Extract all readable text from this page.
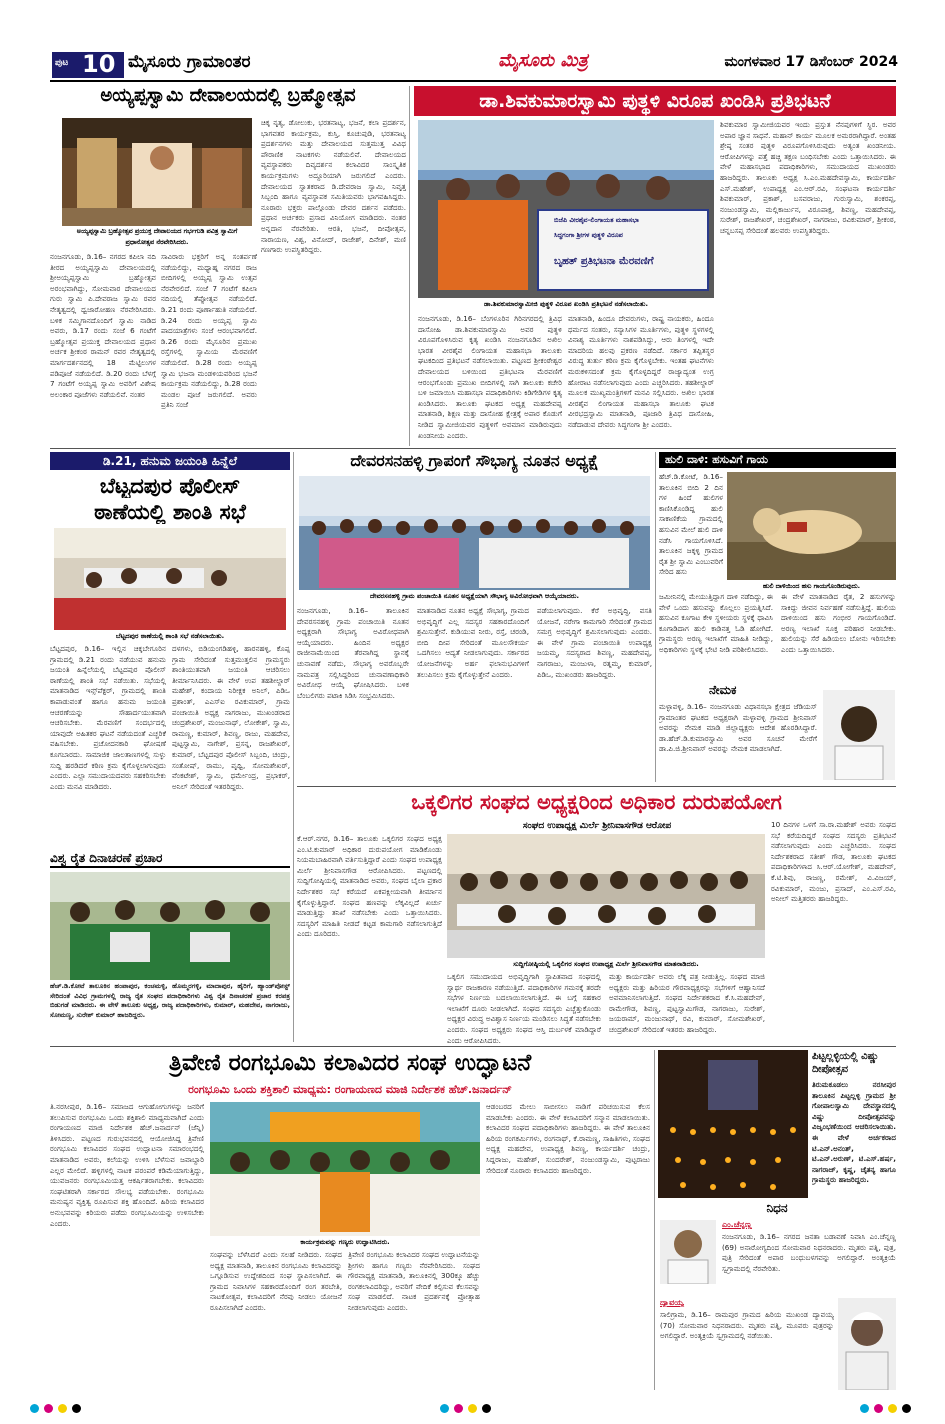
ಪುಟ 10 ಮೈಸೂರು ಗ್ರಾಮಾಂತರ	ಮೈಸೂರು ಮಿತ್ರ	ಮಂಗಳವಾರ 17 ಡಿಸೆಂಬರ್ 2024
ಅಯ್ಯಪ್ಪಸ್ವಾಮಿ ದೇವಾಲಯದಲ್ಲಿ ಬ್ರಹ್ಮೋತ್ಸವ
ಅಯ್ಯಪ್ಪಸ್ವಾಮಿ ಬ್ರಹ್ಮೋತ್ಸವ ಪ್ರಯುಕ್ತ ದೇವಾಲಯದ ಗರ್ಭಗುಡಿ ಪವಿತ್ರ ಸ್ವಾಮಿಗೆ ಪ್ರಧಾನೋತ್ಸವ ನೆರವೇರಿಸಿದರು.
ನಂಜನಗೂಡು, ಡಿ.16– ನಗರದ ಕಪಿಲಾ ನದಿ ತೀರದ ಅಯ್ಯಪ್ಪಸ್ವಾಮಿ ದೇವಾಲಯದಲ್ಲಿ ಶ್ರೀಅಯ್ಯಪ್ಪಸ್ವಾಮಿ ಬ್ರಹ್ಮೋತ್ಸವ ಅರಂಭವಾಗಿದ್ದು, ಸೋಮವಾರ ದೇವಾಲಯದ ಗುರು ಸ್ವಾಮಿ ಪಿ.ದೇವರಾಜ ಸ್ವಾಮಿ ರವರ ನೇತೃತ್ವದಲ್ಲಿ ಧ್ವಜಾರೋಹಣ ನೆರವೇರಿಸಿದರು. ಬಳಿಕ ಸಮ್ಮಿಗಾನದೊಂದಿಗೆ ಸ್ವಾಮಿ ನಾಡಿದ ಅವರು, ಡಿ.17 ರಂದು ಸಂಜೆ 6 ಗಂಟೆಗೆ ಬ್ರಹ್ಮೋತ್ಸವ ಪ್ರಯುಕ್ತ ದೇವಾಲಯದ ಪ್ರಧಾನ ಅರ್ಚಕ ಶ್ರೀಕಂಠ ರಾಮನ್ ರವರ ನೇತೃತ್ವದಲ್ಲಿ ಮಾರ್ಗದರ್ಶನದಲ್ಲಿ 18 ಮೆಟ್ಟಿಲುಗಳ ಪಡಿಪೂಜೆ ನಡೆಯಲಿದೆ. ಡಿ.20 ರಂದು ಬೆಳಗ್ಗೆ 7 ಗಂಟೆಗೆ ಅಯ್ಯಪ್ಪ ಸ್ವಾಮಿ ಅವರಿಗೆ ವಿಶೇಷ ಅಲಂಕಾರ ಪೂಜೆಗಳು ನಡೆಯಲಿವೆ. ನಂತರ
ಸಾವಿರಾರು ಭಕ್ತರಿಗೆ ಅನ್ನ ಸಂತರ್ಪಣೆ ನಡೆಯಲಿದ್ದು, ಮಧ್ಯಾಹ್ನ ನಗರದ ರಾಜ ಬೀದಿಗಳಲ್ಲಿ ಅಯ್ಯಪ್ಪ ಸ್ವಾಮಿ ಉತ್ಸವ ನೆರವೇರಲಿದೆ. ಸಂಜೆ 7 ಗಂಟೆಗೆ ಕಪಿಲಾ ನದಿಯಲ್ಲಿ ತೆಪ್ಪೋತ್ಸವ ನಡೆಯಲಿದೆ. ಡಿ.21 ರಂದು ಪೂರ್ಣಾಹುತಿ ನಡೆಯಲಿದೆ. ಡಿ.24 ರಂದು ಅಯ್ಯಪ್ಪ ಸ್ವಾಮಿ ಪಾದಯಾತ್ರೆಗಳು ಸಂಜೆ ಆರಂಭವಾಗಲಿದೆ. ಡಿ.26 ರಂದು ಮೈಸೂರಿನ ಪ್ರಮುಖ ರಸ್ತೆಗಳಲ್ಲಿ ಸ್ವಾಮಿಯ ಮೆರವಣಿಗೆ ನಡೆಯಲಿದೆ. ಡಿ.28 ರಂದು ಅಯ್ಯಪ್ಪ ಸ್ವಾಮಿ ಭಜನಾ ಮಂಡಳಿಯವರಿಂದ ಭಜನೆ ಕಾರ್ಯಕ್ರಮ ನಡೆಯಲಿದ್ದು, ಡಿ.28 ರಂದು ಮಂಡಲ ಪೂಜೆ ಜರುಗಲಿದೆ. ಅವರು ಪ್ರತಿನಿ ಸಂಜೆ
ಚಿಕ್ಕ ನೃತ್ಯ, ಡೋಲುಕು, ಭರತನಾಟ್ಯ, ಭಜನೆ, ಕಲಾ ಪ್ರದರ್ಶನ, ಭಾಗವತರ ಕಾರ್ಯಕ್ರಮ, ಕುಸ್ತಿ, ಕೂಚುಪುಡಿ, ಭರತನಾಟ್ಯ ಪ್ರದರ್ಶನಗಳು ಮತ್ತು ದೇವಾಲಯದ ಸುತ್ತಮುತ್ತ ವಿವಿಧ ಪೌರಾಣಿಕ ನಾಟಕಗಳು ನಡೆಯಲಿವೆ. ದೇವಾಲಯದ ವ್ಯವಸ್ಥಾಪಕರು ದಿವ್ಯದರ್ಶನ ಕಲಾವಿದರ ಸಾಂಸ್ಕೃತಿಕ ಕಾರ್ಯಕ್ರಮಗಳು ಅದ್ದೂರಿಯಾಗಿ ಜರುಗಲಿದೆ ಎಂದರು. ದೇವಾಲಯದ ಸ್ವಾತಕರಾದ ಡಿ.ದೇವರಾಜ ಸ್ವಾಮಿ, ನಿವೃತ್ತ ಸಿಬ್ಬಂದಿ ಹಾಗೂ ವ್ಯವಸ್ಥಾಪಕ ಸಮಿತಿಯವರು ಭಾಗವಹಿಸಿದ್ದರು. ನೂರಾರು ಭಕ್ತರು ಪಾಲ್ಗೊಂಡು ದೇವರ ದರ್ಶನ ಪಡೆದರು. ಪ್ರಧಾನ ಅರ್ಚಕರು ಪ್ರಸಾದ ವಿನಿಯೋಗ ಮಾಡಿದರು. ನಂತರ ಅನ್ನದಾನ ನೆರವೇರಿತು. ಆರತಿ, ಭಜನೆ, ದೀಪೋತ್ಸವ, ನಾರಾಯಣ, ವಿಶ್ವ, ವಿನೋದ್, ರಾಜೇಶ್, ದಿನೇಶ್, ಮಣಿ ಗಣಗಾರು ಉಪಸ್ಥಿತರಿದ್ದರು.
ಡಾ.ಶಿವಕುಮಾರಸ್ವಾಮಿ ಪುತ್ಥಳಿ ವಿರೂಪ ಖಂಡಿಸಿ ಪ್ರತಿಭಟನೆ
ಬಿಜೆಪಿ ವೀರಶೈವ-ಲಿಂಗಾಯತ ಮಹಾಸಭಾ
ಸಿದ್ಧಗಂಗಾ ಶ್ರೀಗಳ ಪುತ್ಥಳಿ ವಿರೂಪ
ಬೃಹತ್ ಪ್ರತಿಭಟನಾ ಮೆರವಣಿಗೆ
ಡಾ.ಶಿವಕುಮಾರಸ್ವಾಮೀಜಿ ಪುತ್ಥಳಿ ವಿರೂಪ ಖಂಡಿಸಿ ಪ್ರತಿಭಟನೆ ನಡೆಸಲಾಯಿತು.
ನಂಜನಗೂಡು, ಡಿ.16– ಬೆಂಗಳೂರಿನ ಗಿರಿನಗರದಲ್ಲಿ ತ್ರಿವಿಧ ದಾಸೋಹಿ ಡಾ.ಶಿವಕುಮಾರಸ್ವಾಮಿ ಅವರ ಪುತ್ಥಳಿ ವಿರೂಪಗೊಳಿಸಿರುವ ಕೃತ್ಯ ಖಂಡಿಸಿ ನಂಜನಗೂಡಿನ ಅಖಿಲ ಭಾರತ ವೀರಶೈವ ಲಿಂಗಾಯತ ಮಹಾಸಭಾ ತಾಲೂಕು ಘಟಕದಿಂದ ಪ್ರತಿಭಟನೆ ನಡೆಸಲಾಯಿತು. ಪಟ್ಟಣದ ಶ್ರೀಕಂಠೇಶ್ವರ ದೇವಾಲಯದ ಬಳಿಯಿಂದ ಪ್ರತಿಭಟನಾ ಮೆರವಣಿಗೆ ಆರಂಭಗೊಂಡು ಪ್ರಮುಖ ಬೀದಿಗಳಲ್ಲಿ ಸಾಗಿ ತಾಲೂಕು ಕಚೇರಿ ಬಳಿ ಜಮಾಯಿಸಿ ಮಹಾಸಭಾ ಪದಾಧಿಕಾರಿಗಳು ಕಿಡಿಗೇಡಿಗಳ ಕೃತ್ಯ ಖಂಡಿಸಿದರು. ತಾಲೂಕು ಘಟಕದ ಅಧ್ಯಕ್ಷ ಮಹದೇವಪ್ಪ ಮಾತನಾಡಿ, ಶಿಕ್ಷಣ ಮತ್ತು ದಾಸೋಹ ಕ್ಷೇತ್ರಕ್ಕೆ ಅಪಾರ ಕೊಡುಗೆ ನೀಡಿದ ಸ್ವಾಮೀಜಿಯವರ ಪುತ್ಥಳಿಗೆ ಅವಮಾನ ಮಾಡಿರುವುದು ಖಂಡನೀಯ ಎಂದರು.
ಮಾತನಾಡಿ, ಹಿಂದೂ ದೇವರುಗಳು, ರಾಷ್ಟ್ರ ನಾಯಕರು, ಹಿಂದೂ ಧರ್ಮದ ಸಂತರು, ಸನ್ಯಾಸಿಗಳ ಮೂರ್ತಿಗಳು, ಪುತ್ಥಳಿ ಸ್ಥಳಗಳಲ್ಲಿ ವಿನಾಶ್ಯ ಮೂರ್ತಿಗಳು ನಾಶಪಡಿಸಿದ್ದು, ಆರು ತಿಂಗಳಲ್ಲಿ ಇದೇ ಮಾದರಿಯ ಹಲವು ಪ್ರಕರಣ ನಡೆದಿದೆ. ಸರ್ಕಾರ ತಪ್ಪಿತಸ್ಥರ ವಿರುದ್ಧ ತುರ್ತು ಕಠಿಣ ಕ್ರಮ ಕೈಗೊಳ್ಳಬೇಕು. ಇಂತಹ ಘಟನೆಗಳು ಮರುಕಳಿಸದಂತೆ ಕ್ರಮ ಕೈಗೊಳ್ಳದಿದ್ದರೆ ರಾಜ್ಯಾದ್ಯಂತ ಉಗ್ರ ಹೋರಾಟ ನಡೆಸಲಾಗುವುದು ಎಂದು ಎಚ್ಚರಿಸಿದರು. ತಹಶೀಲ್ದಾರ್ ಮೂಲಕ ಮುಖ್ಯಮಂತ್ರಿಗಳಿಗೆ ಮನವಿ ಸಲ್ಲಿಸಿದರು. ಅಖಿಲ ಭಾರತ ವೀರಶೈವ ಲಿಂಗಾಯತ ಮಹಾಸಭಾ ತಾಲೂಕು ಘಟಕ ವೀರಭದ್ರಸ್ವಾಮಿ ಮಾತನಾಡಿ, ಪೂಜಾರಿ ತ್ರಿವಿಧ ದಾಸೋಹಿ, ನಡೆದಾಡುವ ದೇವರು ಸಿದ್ಧಗಂಗಾ ಶ್ರೀ ಎಂದರು.
ಶಿವಕುಮಾರ ಸ್ವಾಮೀಜಿಯವರ ಇಂದು ಪ್ರಸ್ತುತ ನೆನಪುಗಳಿಗೆ ಸ್ಥಿರ. ಅವರ ಅಪಾರ ಜ್ಞಾನ ಸಾಧನೆ. ಮಹಾನ್ ಕಾರ್ಯ ಮೂಲಕ ಅಮರರಾಗಿದ್ದಾರೆ. ಅಂತಹ ಶ್ರೇಷ್ಠ ಸಂತರ ಪುತ್ಥಳಿ ವಿರೂಪಗೊಳಿಸಿರುವುದು ಅತ್ಯಂತ ಖಂಡನೀಯ. ಆರೋಪಿಗಳನ್ನು ಪತ್ತೆ ಹಚ್ಚಿ ತಕ್ಷಣ ಬಂಧಿಸಬೇಕು ಎಂದು ಒತ್ತಾಯಿಸಿದರು. ಈ ವೇಳೆ ಮಹಾಸಭಾದ ಪದಾಧಿಕಾರಿಗಳು, ಸಮುದಾಯದ ಮುಖಂಡರು ಹಾಜರಿದ್ದರು. ತಾಲೂಕು ಅಧ್ಯಕ್ಷ ಸಿ.ಎಂ.ಮಹದೇವಸ್ವಾಮಿ, ಕಾರ್ಯದರ್ಶಿ ಎಸ್.ಮಹೇಶ್, ಉಪಾಧ್ಯಕ್ಷ ಎಂ.ಆರ್.ರವಿ, ಸಂಘಟನಾ ಕಾರ್ಯದರ್ಶಿ ಶಿವಕುಮಾರ್, ಪ್ರಕಾಶ್, ಬಸವರಾಜು, ಗುರುಸ್ವಾಮಿ, ಶಂಕರಪ್ಪ, ನಂಜುಂಡಸ್ವಾಮಿ, ಮಲ್ಲಿಕಾರ್ಜುನ, ವಿರೂಪಾಕ್ಷ, ಶಿವಣ್ಣ, ಮಹದೇವಪ್ಪ, ಸುರೇಶ್, ರಾಜಶೇಖರ್, ಚಂದ್ರಶೇಖರ್, ನಾಗರಾಜು, ರವಿಕುಮಾರ್, ಶ್ರೀಕಂಠ, ಚನ್ನಬಸಪ್ಪ ಸೇರಿದಂತೆ ಹಲವರು ಉಪಸ್ಥಿತರಿದ್ದರು.
ಡಿ.21, ಹನುಮ ಜಯಂತಿ ಹಿನ್ನೆಲೆ
ಬೆಟ್ಟದಪುರ ಪೊಲೀಸ್
ಠಾಣೆಯಲ್ಲಿ ಶಾಂತಿ ಸಭೆ
ಬೆಟ್ಟದಪುರ ಠಾಣೆಯಲ್ಲಿ ಶಾಂತಿ ಸಭೆ ನಡೆಸಲಾಯಿತು.
ಬೆಟ್ಟದಪುರ, ಡಿ.16– ಇಲ್ಲಿನ ಚಿಕ್ಕಬೇಗೂರಿನ ಗ್ರಾಮದಲ್ಲಿ ಡಿ.21 ರಂದು ನಡೆಯುವ ಹನುಮ ಜಯಂತಿ ಹಿನ್ನೆಲೆಯಲ್ಲಿ ಬೆಟ್ಟದಪುರ ಪೊಲೀಸ್ ಠಾಣೆಯಲ್ಲಿ ಶಾಂತಿ ಸಭೆ ನಡೆಯಿತು. ಸಭೆಯಲ್ಲಿ ಮಾತನಾಡಿದ ಇನ್ಸ್‌ಪೆಕ್ಟರ್, ಗ್ರಾಮದಲ್ಲಿ ಶಾಂತಿ ಕಾಪಾಡುವಂತೆ ಹಾಗೂ ಹನುಮ ಜಯಂತಿ ಆಚರಣೆಯನ್ನು ಸೌಹಾರ್ದಯುತವಾಗಿ ಆಚರಿಸಬೇಕು. ಮೆರವಣಿಗೆ ಸಂದರ್ಭದಲ್ಲಿ ಯಾವುದೇ ಅಹಿತಕರ ಘಟನೆ ನಡೆಯದಂತೆ ಎಚ್ಚರಿಕೆ ವಹಿಸಬೇಕು. ಪ್ರಚೋದನಕಾರಿ ಘೋಷಣೆ ಕೂಗಬಾರದು. ಸಾಮಾಜಿಕ ಜಾಲತಾಣಗಳಲ್ಲಿ ಸುಳ್ಳು ಸುದ್ದಿ ಹರಡಿದರೆ ಕಠಿಣ ಕ್ರಮ ಕೈಗೊಳ್ಳಲಾಗುವುದು ಎಂದರು. ಎಲ್ಲಾ ಸಮುದಾಯದವರು ಸಹಕರಿಸಬೇಕು ಎಂದು ಮನವಿ ಮಾಡಿದರು.
ದಳಗಳು, ಬಿಡಿಯಂಗಡಿಹಳ್ಳಿ, ಹಾರನಹಳ್ಳಿ, ಕೊಪ್ಪ ಗ್ರಾಮ ಸೇರಿದಂತೆ ಸುತ್ತಮುತ್ತಲಿನ ಗ್ರಾಮಸ್ಥರು ಶಾಂತಿಯುತವಾಗಿ ಜಯಂತಿ ಆಚರಿಸಲು ತೀರ್ಮಾನಿಸಿದರು. ಈ ವೇಳೆ ಉಪ ತಹಶೀಲ್ದಾರ್ ಮಹೇಶ್, ಕಂದಾಯ ನಿರೀಕ್ಷಕ ಅನಿಲ್, ಪಿಡಿಒ ಪ್ರಶಾಂತ್, ಎಎಸ್‌ಐ ರವಿಕುಮಾರ್, ಗ್ರಾಮ ಪಂಚಾಯಿತಿ ಅಧ್ಯಕ್ಷ ನಾಗರಾಜು, ಮುಖಂಡರಾದ ಚಂದ್ರಶೇಖರ್, ಮಂಜುನಾಥ್, ಲೋಕೇಶ್, ಸ್ವಾಮಿ, ರಾಮಣ್ಣ, ಕುಮಾರ್, ಶಿವಣ್ಣ, ರಾಜು, ಮಹದೇವ, ಪುಟ್ಟಸ್ವಾಮಿ, ನಾಗೇಶ್, ಪ್ರಸನ್ನ, ರಾಜಶೇಖರ್, ಕುಮಾರ್, ಬೆಟ್ಟದಪುರ ಪೊಲೀಸ್ ಸಿಬ್ಬಂದಿ, ಚಂದ್ರು, ಸಂತೋಷ್, ರಾಮು, ಪೃಥ್ವಿ, ಸೋಮಶೇಖರ್, ವೆಂಕಟೇಶ್, ಸ್ವಾಮಿ, ಧರ್ಮೇಂದ್ರ, ಪ್ರಭಾಕರ್, ಅನಿಲ್ ಸೇರಿದಂತೆ ಇತರರಿದ್ದರು.
ವಿಶ್ವ ರೈತ ದಿನಾಚರಣೆ ಪ್ರಚಾರ
ಹೆಚ್.ಡಿ.ಕೋಟೆ ತಾಲೂಕಿನ ಹಂಪಾಪುರ, ಕಂಚಮಳ್ಳಿ, ಹೊಮ್ಮರಗಳ್ಳಿ, ಮಾದಾಪುರ, ಹೈರಿಗೆ, ಹ್ಯಾಂಡ್‌ಪೋಸ್ಟ್ ಸೇರಿದಂತೆ ವಿವಿಧ ಗ್ರಾಮಗಳಲ್ಲಿ ರಾಜ್ಯ ರೈತ ಸಂಘದ ಪದಾಧಿಕಾರಿಗಳು ವಿಶ್ವ ರೈತ ದಿನಾಚರಣೆ ಪ್ರಚಾರ ಕರಪತ್ರ ಬಿಡುಗಡೆ ಮಾಡಿದರು. ಈ ವೇಳೆ ತಾಲೂಕು ಅಧ್ಯಕ್ಷ, ರಾಜ್ಯ ಪದಾಧಿಕಾರಿಗಳು, ಕುಮಾರ್, ಮಹದೇವ, ನಾಗರಾಜು, ಸೋಮಣ್ಣ, ಸುರೇಶ್ ಕುಮಾರ್ ಹಾಜರಿದ್ದರು.
ದೇವರಸನಹಳ್ಳಿ ಗ್ರಾಪಂಗೆ ಸೌಭಾಗ್ಯ ನೂತನ ಅಧ್ಯಕ್ಷೆ
ದೇವರಸನಹಳ್ಳಿ ಗ್ರಾಮ ಪಂಚಾಯಿತಿ ನೂತನ ಅಧ್ಯಕ್ಷೆಯಾಗಿ ಸೌಭಾಗ್ಯ ಅವಿರೋಧವಾಗಿ ಆಯ್ಕೆಯಾದರು.
ನಂಜನಗೂಡು, ಡಿ.16– ತಾಲೂಕಿನ ದೇವರಸನಹಳ್ಳಿ ಗ್ರಾಮ ಪಂಚಾಯಿತಿ ನೂತನ ಅಧ್ಯಕ್ಷರಾಗಿ ಸೌಭಾಗ್ಯ ಅವಿರೋಧವಾಗಿ ಆಯ್ಕೆಯಾದರು. ಹಿಂದಿನ ಅಧ್ಯಕ್ಷರ ರಾಜೀನಾಮೆಯಿಂದ ತೆರವಾಗಿದ್ದ ಸ್ಥಾನಕ್ಕೆ ಚುನಾವಣೆ ನಡೆದು, ಸೌಭಾಗ್ಯ ಅವರೊಬ್ಬರೇ ನಾಮಪತ್ರ ಸಲ್ಲಿಸಿದ್ದರಿಂದ ಚುನಾವಣಾಧಿಕಾರಿ ಅವಿರೋಧ ಆಯ್ಕೆ ಘೋಷಿಸಿದರು. ಬಳಿಕ ಬೆಂಬಲಿಗರು ಪಟಾಕಿ ಸಿಡಿಸಿ ಸಂಭ್ರಮಿಸಿದರು.
ಮಾತನಾಡಿದ ನೂತನ ಅಧ್ಯಕ್ಷೆ ಸೌಭಾಗ್ಯ, ಗ್ರಾಮದ ಅಭಿವೃದ್ಧಿಗೆ ಎಲ್ಲ ಸದಸ್ಯರ ಸಹಕಾರದೊಂದಿಗೆ ಶ್ರಮಿಸುತ್ತೇನೆ. ಕುಡಿಯುವ ನೀರು, ರಸ್ತೆ, ಚರಂಡಿ, ಬೀದಿ ದೀಪ ಸೇರಿದಂತೆ ಮೂಲಸೌಕರ್ಯ ಒದಗಿಸಲು ಆದ್ಯತೆ ನೀಡಲಾಗುವುದು. ಸರ್ಕಾರದ ಯೋಜನೆಗಳನ್ನು ಅರ್ಹ ಫಲಾನುಭವಿಗಳಿಗೆ ತಲುಪಿಸಲು ಕ್ರಮ ಕೈಗೊಳ್ಳುತ್ತೇನೆ ಎಂದರು.
ಪಡೆಯಲಾಗುವುದು. ಕೆರೆ ಅಭಿವೃದ್ಧಿ, ವಸತಿ ಯೋಜನೆ, ನರೇಗಾ ಕಾಮಗಾರಿ ಸೇರಿದಂತೆ ಗ್ರಾಮದ ಸಮಗ್ರ ಅಭಿವೃದ್ಧಿಗೆ ಶ್ರಮಿಸಲಾಗುವುದು ಎಂದರು. ಈ ವೇಳೆ ಗ್ರಾಮ ಪಂಚಾಯಿತಿ ಉಪಾಧ್ಯಕ್ಷ ಜಯಮ್ಮ, ಸದಸ್ಯರಾದ ಶಿವಣ್ಣ, ಮಹದೇವಪ್ಪ, ನಾಗರಾಜು, ಮಂಜುಳಾ, ರತ್ನಮ್ಮ, ಕುಮಾರ್, ಪಿಡಿಒ, ಮುಖಂಡರು ಹಾಜರಿದ್ದರು.
ಹುಲಿ ದಾಳಿ: ಹಸುವಿಗೆ ಗಾಯ
ಹೆಚ್.ಡಿ.ಕೋಟೆ, ಡಿ.16– ತಾಲೂಕಿನ ಬೀದಿ 2 ದಿನ ಗಳ ಹಿಂದೆ ಹುಲಿಗಳ ಕಾಣಿಸಿಕೊಂಡಿದ್ದ ಹುಲಿ ಸಾಕಾಣಿಕೆಯ ಗ್ರಾಮದಲ್ಲಿ ಹಸುವಿನ ಮೇಲೆ ಹುಲಿ ದಾಳಿ ನಡೆಸಿ ಗಾಯಗೊಳಿಸಿದೆ. ತಾಲೂಕಿನ ಜಕ್ಕಳ್ಳಿ ಗ್ರಾಮದ ರೈತ ಶ್ರೀ ಸ್ವಾಮಿ ಎಂಬುವರಿಗೆ ಸೇರಿದ ಹಸು
ಹುಲಿ ದಾಳಿಯಿಂದ ಹಸು ಗಾಯಗೊಂಡಿರುವುದು.
ಜಮೀನಿನಲ್ಲಿ ಮೇಯುತ್ತಿದ್ದಾಗ ದಾಳಿ ನಡೆದಿದ್ದು, ಈ ವೇಳೆ ಒಂದು ಹಸುವನ್ನು ಕೊಲ್ಲಲು ಪ್ರಯತ್ನಿಸಿದೆ. ಹಸುವಿನ ಕೂಗಾಟ ಕೇಳಿ ಸ್ಥಳೀಯರು ಸ್ಥಳಕ್ಕೆ ಧಾವಿಸಿ ಕೂಗಾಡಿದಾಗ ಹುಲಿ ಕಾಡಿನತ್ತ ಓಡಿ ಹೋಗಿದೆ. ಗ್ರಾಮಸ್ಥರು ಅರಣ್ಯ ಇಲಾಖೆಗೆ ಮಾಹಿತಿ ನೀಡಿದ್ದು, ಅಧಿಕಾರಿಗಳು ಸ್ಥಳಕ್ಕೆ ಭೇಟಿ ನೀಡಿ ಪರಿಶೀಲಿಸಿದರು.
ಈ ವೇಳೆ ಮಾತನಾಡಿದ ರೈತ, 2 ಹಸುಗಳನ್ನು ಸಾಕಿದ್ದು ಜೀವನ ನಿರ್ವಹಣೆ ನಡೆಸುತ್ತಿದ್ದೆ. ಹುಲಿಯ ದಾಳಿಯಿಂದ ಹಸು ಗಂಭೀರ ಗಾಯಗೊಂಡಿದೆ. ಅರಣ್ಯ ಇಲಾಖೆ ಸೂಕ್ತ ಪರಿಹಾರ ನೀಡಬೇಕು. ಹುಲಿಯನ್ನು ಸೆರೆ ಹಿಡಿಯಲು ಬೋನು ಇರಿಸಬೇಕು ಎಂದು ಒತ್ತಾಯಿಸಿದರು.
ನೇಮಕ
ಮಳ್ಳಾವಳ್ಳಿ, ಡಿ.16– ನಂಜನಗೂಡು ವಿಧಾನಸಭಾ ಕ್ಷೇತ್ರದ ಜೆಡಿಯಸ್ ಗ್ರಾಮಾಂತರ ಘಟಕದ ಅಧ್ಯಕ್ಷರಾಗಿ ಮಳ್ಳಾವಳ್ಳಿ ಗ್ರಾಮದ ಶ್ರೀನಿವಾಸ್ ಅವರನ್ನು ನೇಮಕ ಮಾಡಿ ಜಿಲ್ಲಾಧ್ಯಕ್ಷರು ಆದೇಶ ಹೊರಡಿಸಿದ್ದಾರೆ. ಡಾ.ಹೆಚ್.ಡಿ.ಕುಮಾರಸ್ವಾಮಿ ಅವರ ಸೂಚನೆ ಮೇರೆಗೆ ಡಾ.ಪಿ.ಜಿ.ಶ್ರೀನಿವಾಸ್ ಅವರನ್ನು ನೇಮಕ ಮಾಡಲಾಗಿದೆ.
ಒಕ್ಕಲಿಗರ ಸಂಘದ ಅಧ್ಯಕ್ಷರಿಂದ ಅಧಿಕಾರ ದುರುಪಯೋಗ
ಸಂಘದ ಉಪಾಧ್ಯಕ್ಷ ಮಿರ್ಲೆ ಶ್ರೀನಿವಾಸಗೌಡ ಆರೋಪ
ಸುದ್ದಿಗೋಷ್ಠಿಯಲ್ಲಿ ಒಕ್ಕಲಿಗರ ಸಂಘದ ಉಪಾಧ್ಯಕ್ಷ ಮಿರ್ಲೆ ಶ್ರೀನಿವಾಸಗೌಡ ಮಾತನಾಡಿದರು.
ಕೆ.ಆರ್.ನಗರ, ಡಿ.16– ತಾಲೂಕು ಒಕ್ಕಲಿಗರ ಸಂಘದ ಅಧ್ಯಕ್ಷ ಎಂ.ಟಿ.ಕುಮಾರ್ ಅಧಿಕಾರ ದುರುಪಯೋಗ ಮಾಡಿಕೊಂಡು ನಿಯಮಬಾಹಿರವಾಗಿ ವರ್ತಿಸುತ್ತಿದ್ದಾರೆ ಎಂದು ಸಂಘದ ಉಪಾಧ್ಯಕ್ಷ ಮಿರ್ಲೆ ಶ್ರೀನಿವಾಸಗೌಡ ಆರೋಪಿಸಿದರು. ಪಟ್ಟಣದಲ್ಲಿ ಸುದ್ದಿಗೋಷ್ಠಿಯಲ್ಲಿ ಮಾತನಾಡಿದ ಅವರು, ಸಂಘದ ಬೈಲಾ ಪ್ರಕಾರ ನಿರ್ದೇಶಕರ ಸಭೆ ಕರೆಯದೆ ಏಕಪಕ್ಷೀಯವಾಗಿ ತೀರ್ಮಾನ ಕೈಗೊಳ್ಳುತ್ತಿದ್ದಾರೆ. ಸಂಘದ ಹಣವನ್ನು ಲೆಕ್ಕವಿಲ್ಲದೆ ಖರ್ಚು ಮಾಡುತ್ತಿದ್ದು ತನಿಖೆ ನಡೆಸಬೇಕು ಎಂದು ಒತ್ತಾಯಿಸಿದರು. ಸದಸ್ಯರಿಗೆ ಮಾಹಿತಿ ನೀಡದೆ ಕಟ್ಟಡ ಕಾಮಗಾರಿ ನಡೆಸಲಾಗುತ್ತಿದೆ ಎಂದು ದೂರಿದರು.
ಒಕ್ಕಲಿಗ ಸಮುದಾಯದ ಅಭಿವೃದ್ಧಿಗಾಗಿ ಸ್ಥಾಪಿತವಾದ ಸಂಘದಲ್ಲಿ ಸ್ವಾರ್ಥ ರಾಜಕಾರಣ ನಡೆಯುತ್ತಿದೆ. ಪದಾಧಿಕಾರಿಗಳ ಗಮನಕ್ಕೆ ತರದೇ ಸಭೆಗಳ ನಿರ್ಣಯ ಬದಲಾಯಿಸಲಾಗುತ್ತಿದೆ. ಈ ಬಗ್ಗೆ ಸಹಕಾರ ಇಲಾಖೆಗೆ ದೂರು ನೀಡಲಾಗಿದೆ. ಸಂಘದ ಸದಸ್ಯರು ಎಚ್ಚೆತ್ತುಕೊಂಡು ಅಧ್ಯಕ್ಷರ ವಿರುದ್ಧ ಅವಿಶ್ವಾಸ ನಿರ್ಣಯ ಮಂಡಿಸಲು ಸಿದ್ಧತೆ ನಡೆಸಬೇಕು ಎಂದರು. ಸಂಘದ ಅಧ್ಯಕ್ಷರು ಸಂಘದ ಆಸ್ತಿ ದುರ್ಬಳಕೆ ಮಾಡಿದ್ದಾರೆ ಎಂದು ಆರೋಪಿಸಿದರು.
ಮತ್ತು ಕಾರ್ಯದರ್ಶಿ ಅವರು ಲೆಕ್ಕ ಪತ್ರ ನೀಡುತ್ತಿಲ್ಲ. ಸಂಘದ ಮಾಜಿ ಅಧ್ಯಕ್ಷರು ಮತ್ತು ಹಿರಿಯರ ಗೌರವಾಧ್ಯಕ್ಷರನ್ನು ಸಭೆಗಳಿಗೆ ಆಹ್ವಾನಿಸದೆ ಅವಮಾನಿಸಲಾಗುತ್ತಿದೆ. ಸಂಘದ ನಿರ್ದೇಶಕರಾದ ಕೆ.ಸಿ.ಮಹದೇವ್, ರಾಮೇಗೌಡ, ಶಿವಣ್ಣ, ಪುಟ್ಟಸ್ವಾಮಿಗೌಡ, ನಾಗರಾಜು, ಸುರೇಶ್, ಜಯರಾಮ್, ಮಂಜುನಾಥ್, ರವಿ, ಕುಮಾರ್, ಸೋಮಶೇಖರ್, ಚಂದ್ರಶೇಖರ್ ಸೇರಿದಂತೆ ಇತರರು ಹಾಜರಿದ್ದರು.
10 ದಿನಗಳ ಒಳಗೆ ಸಾ.ರಾ.ಮಹೇಶ್ ಅವರು ಸಂಘದ ಸಭೆ ಕರೆಯದಿದ್ದರೆ ಸಂಘದ ಸದಸ್ಯರು ಪ್ರತಿಭಟನೆ ನಡೆಸಲಾಗುವುದು ಎಂದು ಎಚ್ಚರಿಸಿದರು. ಸಂಘದ ನಿರ್ದೇಶಕರಾದ ಸತೀಶ್ ಗೌಡ, ತಾಲೂಕು ಘಟಕದ ಪದಾಧಿಕಾರಿಗಳಾದ ಸಿ.ಆರ್.ಯೋಗೇಶ್, ಮಹದೇವ್, ಕೆ.ಟಿ.ಶಿವು, ರಾಜಣ್ಣ, ರಮೇಶ್, ವಿ.ವಿಜಯ್, ರವಿಕುಮಾರ್, ಮಂಜು, ಪ್ರಸಾದ್, ಎಂ.ಎಸ್.ರವಿ, ಅನೀಲ್ ಮತ್ತಿತರರು ಹಾಜರಿದ್ದರು.
ತ್ರಿವೇಣಿ ರಂಗಭೂಮಿ ಕಲಾವಿದರ ಸಂಘ ಉದ್ಘಾಟನೆ
ರಂಗಭೂಮಿ ಒಂದು ಶಕ್ತಿಶಾಲಿ ಮಾಧ್ಯಮ: ರಂಗಾಯಣದ ಮಾಜಿ ನಿರ್ದೇಶಕ ಹೆಚ್.ಜನಾರ್ದನ್
ಕಾರ್ಯಕ್ರಮವನ್ನು ಗಣ್ಯರು ಉದ್ಘಾಟಿಸಿದರು.
ತಿ.ನರಸೀಪುರ, ಡಿ.16– ಸಮಾಜದ ಆಗುಹೋಗುಗಳನ್ನು ಜನರಿಗೆ ತಲುಪಿಸುವ ರಂಗಭೂಮಿ ಒಂದು ಶಕ್ತಿಶಾಲಿ ಮಾಧ್ಯಮವಾಗಿದೆ ಎಂದು ರಂಗಾಯಣದ ಮಾಜಿ ನಿರ್ದೇಶಕ ಹೆಚ್.ಜನಾರ್ದನ್ (ಜೆನ್ನಿ) ತಿಳಿಸಿದರು. ಪಟ್ಟಣದ ಗುರುಭವನದಲ್ಲಿ ಆಯೋಜಿಸಿದ್ದ ತ್ರಿವೇಣಿ ರಂಗಭೂಮಿ ಕಲಾವಿದರ ಸಂಘದ ಉದ್ಘಾಟನಾ ಸಮಾರಂಭದಲ್ಲಿ ಮಾತನಾಡಿದ ಅವರು, ಕಲೆಯನ್ನು ಉಳಿಸಿ ಬೆಳೆಸುವ ಜವಾಬ್ದಾರಿ ಎಲ್ಲರ ಮೇಲಿದೆ. ಹಳ್ಳಿಗಳಲ್ಲಿ ನಾಟಕ ಪರಂಪರೆ ಕಡಿಮೆಯಾಗುತ್ತಿದ್ದು, ಯುವಜನರು ರಂಗಭೂಮಿಯತ್ತ ಆಕರ್ಷಿತರಾಗಬೇಕು. ಕಲಾವಿದರು ಸಂಘಟಿತರಾಗಿ ಸರ್ಕಾರದ ಸೌಲಭ್ಯ ಪಡೆಯಬೇಕು. ರಂಗಭೂಮಿ ಮನುಷ್ಯನ ವ್ಯಕ್ತಿತ್ವ ರೂಪಿಸುವ ಶಕ್ತಿ ಹೊಂದಿದೆ. ಹಿರಿಯ ಕಲಾವಿದರ ಅನುಭವವನ್ನು ಕಿರಿಯರು ಪಡೆದು ರಂಗಭೂಮಿಯನ್ನು ಉಳಿಸಬೇಕು ಎಂದರು.
ಸಂಘವನ್ನು ಬೆಳೆಸಿದರೆ ಎಂದು ಸಲಹೆ ನೀಡಿದರು. ಸಂಘದ ಅಧ್ಯಕ್ಷ ಮಾತನಾಡಿ, ತಾಲೂಕಿನ ರಂಗಭೂಮಿ ಕಲಾವಿದರನ್ನು ಒಗ್ಗೂಡಿಸುವ ಉದ್ದೇಶದಿಂದ ಸಂಘ ಸ್ಥಾಪಿಸಲಾಗಿದೆ. ಈ ಗ್ರಾಮದ ನಿವಾಸಿಗಳ ಸಹಕಾರದೊಂದಿಗೆ ರಂಗ ತರಬೇತಿ, ನಾಟಕೋತ್ಸವ, ಕಲಾವಿದರಿಗೆ ನೆರವು ನೀಡಲು ಯೋಜನೆ ರೂಪಿಸಲಾಗಿದೆ ಎಂದರು.
ತ್ರಿವೇಣಿ ರಂಗಭೂಮಿ ಕಲಾವಿದರ ಸಂಘದ ಉದ್ಘಾಟನೆಯನ್ನು ಶ್ರೀಗಳು ಹಾಗೂ ಗಣ್ಯರು ನೆರವೇರಿಸಿದರು. ಸಂಘದ ಗೌರವಾಧ್ಯಕ್ಷ ಮಾತನಾಡಿ, ತಾಲೂಕಿನಲ್ಲಿ 300ಕ್ಕೂ ಹೆಚ್ಚು ರಂಗಕಲಾವಿದರಿದ್ದು, ಅವರಿಗೆ ವೇದಿಕೆ ಕಲ್ಪಿಸುವ ಕೆಲಸವನ್ನು ಸಂಘ ಮಾಡಲಿದೆ. ನಾಟಕ ಪ್ರದರ್ಶನಕ್ಕೆ ಪ್ರೋತ್ಸಾಹ ನೀಡಲಾಗುವುದು ಎಂದರು.
ಆಡಂಬರದ ಮೇಲು ಸಾಬೀಸಲು ನಾಡಿಗೆ ಪರಿಚಯಿಸುವ ಕೆಲಸ ಮಾಡಬೇಕು ಎಂದರು. ಈ ವೇಳೆ ಕಲಾವಿದರಿಗೆ ಸನ್ಮಾನ ಮಾಡಲಾಯಿತು. ಕಲಾವಿದರ ಸಂಘದ ಪದಾಧಿಕಾರಿಗಳು ಹಾಜರಿದ್ದರು. ಈ ವೇಳೆ ತಾಲೂಕಿನ ಹಿರಿಯ ರಂಗಕರ್ಮಿಗಳು, ರಂಗನಾಥ್, ಕೆ.ರಾಮಣ್ಣ, ಸಾಹಿತಿಗಳು, ಸಂಘದ ಅಧ್ಯಕ್ಷ ಮಹದೇವ, ಉಪಾಧ್ಯಕ್ಷ ಶಿವಣ್ಣ, ಕಾರ್ಯದರ್ಶಿ ಚಂದ್ರು, ಸಿದ್ದರಾಜು, ಮಹೇಶ್, ಸುಂದರೇಶ್, ನಂಜುಂಡಸ್ವಾಮಿ, ಪುಟ್ಟರಾಜು ಸೇರಿದಂತೆ ನೂರಾರು ಕಲಾವಿದರು ಹಾಜರಿದ್ದರು.
ಪಿಟ್ಟಲ್ಲಳ್ಳಿಯಲ್ಲಿ ವಿಷ್ಣು ದೀಪೋತ್ಸವ
ತಿರುಮಕೂಡಲು ನರಸೀಪುರ ತಾಲೂಕಿನ ಪಿಟ್ಟಲ್ಲಳ್ಳಿ ಗ್ರಾಮದ ಶ್ರೀ ಗೋಪಾಲಸ್ವಾಮಿ ದೇವಸ್ಥಾನದಲ್ಲಿ ವಿಷ್ಣು ದೀಪೋತ್ಸವವನ್ನು ವಿಜೃಂಭಣೆಯಿಂದ ಆಚರಿಸಲಾಯಿತು. ಈ ವೇಳೆ ಅರ್ಚಕರಾದ ಟಿ.ಎನ್.ಅನಂತ್, ಟಿ.ಎನ್.ಅರುಣ್, ಟಿ.ಎಸ್.ಹರ್ಷ, ನಾಗರಾಜ್, ಕೃಷ್ಣ, ಚೈತನ್ಯ ಹಾಗೂ ಗ್ರಾಮಸ್ಥರು ಹಾಜರಿದ್ದರು.
ನಿಧನ
ಎಂ.ಚೆನ್ನಣ್ಣ
ನಂಜನಗೂಡು, ಡಿ.16– ನಗರದ ಜನತಾ ಬಡಾವಣೆ ನಿವಾಸಿ ಎಂ.ಚೆನ್ನಣ್ಣ (69) ಅನಾರೋಗ್ಯದಿಂದ ಸೋಮವಾರ ನಿಧನರಾದರು. ಮೃತರು ಪತ್ನಿ, ಪುತ್ರ, ಪುತ್ರಿ ಸೇರಿದಂತೆ ಅಪಾರ ಬಂಧುಬಳಗವನ್ನು ಅಗಲಿದ್ದಾರೆ. ಅಂತ್ಯಕ್ರಿಯೆ ಸ್ವಗ್ರಾಮದಲ್ಲಿ ನೆರವೇರಿತು.
ದ್ಯಾವಯ್ಯ
ಸಾಲಿಗ್ರಾಮ, ಡಿ.16– ರಾಮಪುರ ಗ್ರಾಮದ ಹಿರಿಯ ಮುಖಂಡ ದ್ಯಾವಯ್ಯ (70) ಸೋಮವಾರ ನಿಧನರಾದರು. ಮೃತರು ಪತ್ನಿ, ಮೂವರು ಪುತ್ರರನ್ನು ಅಗಲಿದ್ದಾರೆ. ಅಂತ್ಯಕ್ರಿಯೆ ಸ್ವಗ್ರಾಮದಲ್ಲಿ ನಡೆಯಿತು.
